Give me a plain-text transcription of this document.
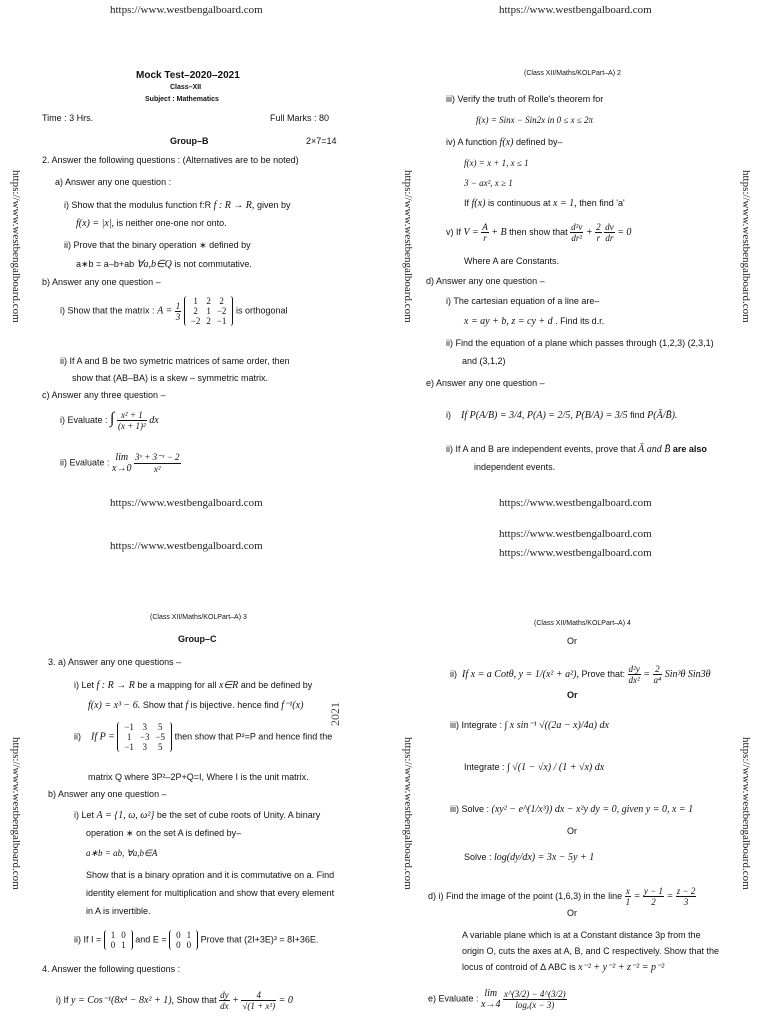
https://www.westbengalboard.com
https://www.westbengalboard.com
Mock Test–2020–2021
Class–XII
Subject : Mathematics
Time : 3 Hrs.	Full Marks : 80
Group–B	2×7=14
2. Answer the following questions : (Alternatives are to be noted)
a) Answer any one question :
i) Show that the modulus function f:R f : R → R, given by
f(x) = |x|, is neither one-one nor onto.
ii) Prove that the binary operation ∗ defined by
a∗b = a–b+ab ∀a,b∈Q is not commutative.
b) Answer any one question –
i) Show that the matrix : $A = \frac{1}{3}$
1	2	2
2	1	−2
−2	2	−1
is orthogonal
ii) If A and B be two symetric matrices of same order, then
show that (AB–BA) is a skew – symmetric matrix.
c) Answer any three question –
i) Evaluate : ∫ $\frac{\text{x² + 1}}{\text{(x + 1)²}}$ dx
ii) Evaluate : lim
x→0
$\frac{\text{3ˣ + 3⁻ˣ − 2}}{\text{x²}}$
https://www.westbengalboard.com
https://www.westbengalboard.com
https://www.westbengalboard.com	https://www.westbengalboard.com
(Class XII/Maths/KOLPart–A) 2
iii) Verify the truth of Rolle's theorem for
f(x) = Sinx − Sin2x in 0 ≤ x ≤ 2π
iv) A function f(x) defined by–
f(x) = x + 1, x ≤ 1
3 − ax², x ≥ 1
If f(x) is continuous at x = 1, then find 'a'
v) If $V = \frac{A}{r} + B$ then show that $\frac{\text{d²v}}{\text{dr²}} + \frac{2}{r}$
$\frac{dv}{dr} = 0$
Where A are Constants.
d) Answer any one question –
i) The cartesian equation of a line are–
x = ay + b, z = cy + d . Find its d.r.
ii) Find the equation of a plane which passes through (1,2,3) (2,3,1)
and (3,1,2)
e) Answer any one question –
i) If P(A/B) = 3/4, P(A) = 2/5, P(B/A) = 3/5 find P(Ā/B̄).
ii) If A and B are independent events, prove that Ā and B̄ are also
independent events.
https://www.westbengalboard.com
https://www.westbengalboard.com
https://www.westbengalboard.com
(Class XII/Maths/KOLPart–A) 3
Group–C
3. a) Answer any one questions –
i) Let f : R → R be a mapping for all x∈R and be defined by
f(x) = x³ − 6. Show that f is bijective. hence find f⁻¹(x)
ii) If P =
−1	3	5
1	−3	−5
−1	3	5
then show that P²=P and hence find the
matrix Q where 3P²–2P+Q=I, Where I is the unit matrix.
b) Answer any one question –
i) Let A = {1, ω, ω²} be the set of cube roots of Unity. A binary
operation ∗ on the set A is defined by–
a∗b = ab, ∀a,b∈A
Show that is a binary opration and it is commutative on a. Find
identity element for multiplication and show that every element
in A is invertible.
ii) If I = 1	0
0	1
and E = 0	1
0	0
Prove that (2I+3E)³ = 8I+36E.
4. Answer the following questions :
i) If y = Cos⁻¹(8x⁴ − 8x² + 1), Show that $\frac{dy}{dx} + \frac{4}{\text{√(1 + x²)}} = 0$
2021
https://www.westbengalboard.com
https://www.westbengalboard.com
https://www.westbengalboard.com	https://www.westbengalboard.com
(Class XII/Maths/KOLPart–A) 4
Or
ii) If x = a Cotθ, y = 1/(x² + a²), Prove that: $\frac{\text{d²y}}{\text{dx²}} = \frac{2}{\text{a⁴}} Sin^3\theta$ Sin3θ
Or
iii) Integrate : ∫ x sin⁻¹ √((2a − x)/4a) dx
Integrate : ∫ √(1 − √x) / (1 + √x) dx
iii) Solve : (xy² − e^(1/x³)) dx − x²y dy = 0, given y = 0, x = 1
Or
Solve : log(dy/dx) = 3x − 5y + 1
d) i) Find the image of the point (1,6,3) in the line $\frac{x}{1} = \frac{y - 1}{2} = \frac{z - 2}{3}$
Or
A variable plane which is at a Constant distance 3p from the
origin O, cuts the axes at A, B, and C respectively. Show that the
locus of controid of Δ ABC is x⁻² + y⁻² + z⁻² = p⁻²
e) Evaluate : lim
x→4
$\frac{x\^{}(3/2) - 4\^{}(3/2)}{\text{logₑ(x − 3)}}$
